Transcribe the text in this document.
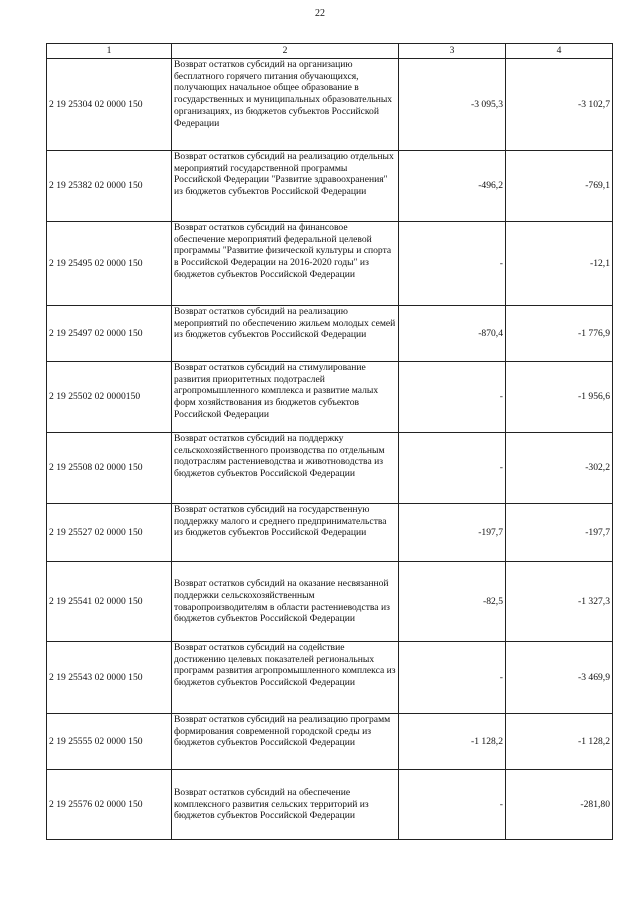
22
1	2	3	4
2 19 25304 02 0000 150	Возврат остатков субсидий на организацию бесплатного горячего питания обучающихся, получающих начальное общее образование в государственных и муниципальных образовательных организациях, из бюджетов субъектов Российской Федерации	-3 095,3	-3 102,7
2 19 25382 02 0000 150	Возврат остатков субсидий на реализацию отдельных мероприятий государственной программы Российской Федерации "Развитие здравоохранения" из бюджетов субъектов Российской Федерации	-496,2	-769,1
2 19 25495 02 0000 150	Возврат остатков субсидий на финансовое обеспечение мероприятий федеральной целевой программы "Развитие физической культуры и спорта в Российской Федерации на 2016-2020 годы" из бюджетов субъектов Российской Федерации	-	-12,1
2 19 25497 02 0000 150	Возврат остатков субсидий на реализацию мероприятий по обеспечению жильем молодых семей из бюджетов субъектов Российской Федерации	-870,4	-1 776,9
2 19 25502 02 0000150	Возврат остатков субсидий на стимулирование развития приоритетных подотраслей агропромышленного комплекса и развитие малых форм хозяйствования из бюджетов субъектов Российской Федерации	-	-1 956,6
2 19 25508 02 0000 150	Возврат остатков субсидий на поддержку сельскохозяйственного производства по отдельным подотраслям растениеводства и животноводства из бюджетов субъектов Российской Федерации	-	-302,2
2 19 25527 02 0000 150	Возврат остатков субсидий на государственную поддержку малого и среднего предпринимательства из бюджетов субъектов Российской Федерации	-197,7	-197,7
2 19 25541 02 0000 150	Возврат остатков субсидий на оказание несвязанной поддержки сельскохозяйственным товаропроизводителям в области растениеводства из бюджетов субъектов Российской Федерации	-82,5	-1 327,3
2 19 25543 02 0000 150	Возврат остатков субсидий на содействие достижению целевых показателей региональных программ развития агропромышленного комплекса из бюджетов субъектов Российской Федерации	-	-3 469,9
2 19 25555 02 0000 150	Возврат остатков субсидий на реализацию программ формирования современной городской среды из бюджетов субъектов Российской Федерации	-1 128,2	-1 128,2
2 19 25576 02 0000 150	Возврат остатков субсидий на обеспечение комплексного развития сельских территорий из бюджетов субъектов Российской Федерации	-	-281,80
